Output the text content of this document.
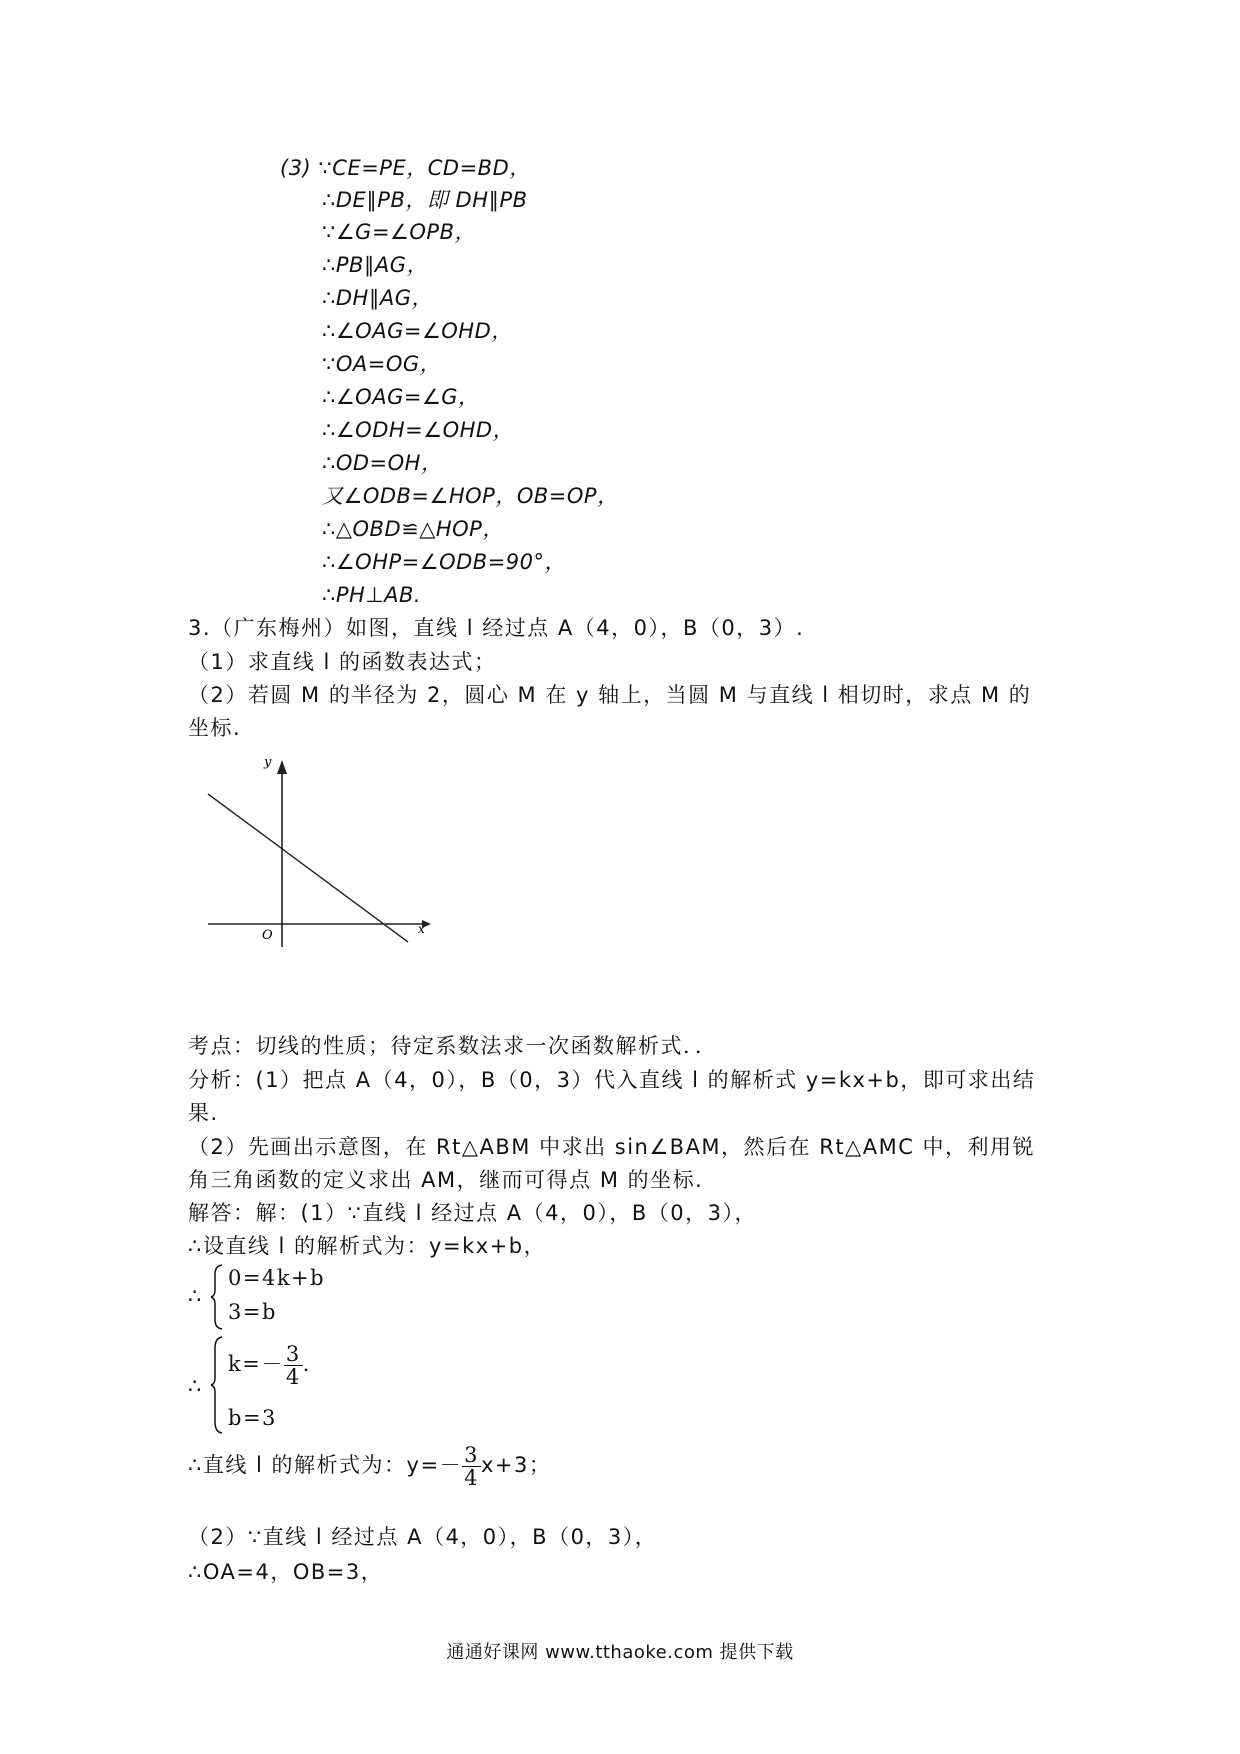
(3) ∵CE=PE，CD=BD，
∴DE∥PB，即 DH∥PB
∵∠G=∠OPB，
∴PB∥AG，
∴DH∥AG，
∴∠OAG=∠OHD，
∵OA=OG，
∴∠OAG=∠G，
∴∠ODH=∠OHD，
∴OD=OH，
又∠ODB=∠HOP，OB=OP，
∴△OBD≌△HOP，
∴∠OHP=∠ODB=90°，
∴PH⊥AB.
3.（广东梅州）如图，直线 l 经过点 A（4，0），B（0，3）.
（1）求直线 l 的函数表达式；
（2）若圆 M 的半径为 2，圆心 M 在 y 轴上，当圆 M 与直线 l 相切时，求点 M 的
坐标.
y
x
O
考点：切线的性质；待定系数法求一次函数解析式．．
分析：(1）把点 A（4，0），B（0，3）代入直线 l 的解析式 y=kx+b，即可求出结
果.
（2）先画出示意图，在 Rt△ABM 中求出 sin∠BAM，然后在 Rt△AMC 中，利用锐
角三角函数的定义求出 AM，继而可得点 M 的坐标.
解答：解：(1）∵直线 l 经过点 A（4，0），B（0，3），
∴设直线 l 的解析式为：y=kx+b，
∴
0=4k+b
3=b
∴
$k=- \frac{3}{4}$ .
b=3
∴直线 l 的解析式为：$y=- \frac{3}{4} x+3$；
（2）∵直线 l 经过点 A（4，0），B（0，3），
∴OA=4，OB=3，
通通好课网 www.tthaoke.com 提供下载
